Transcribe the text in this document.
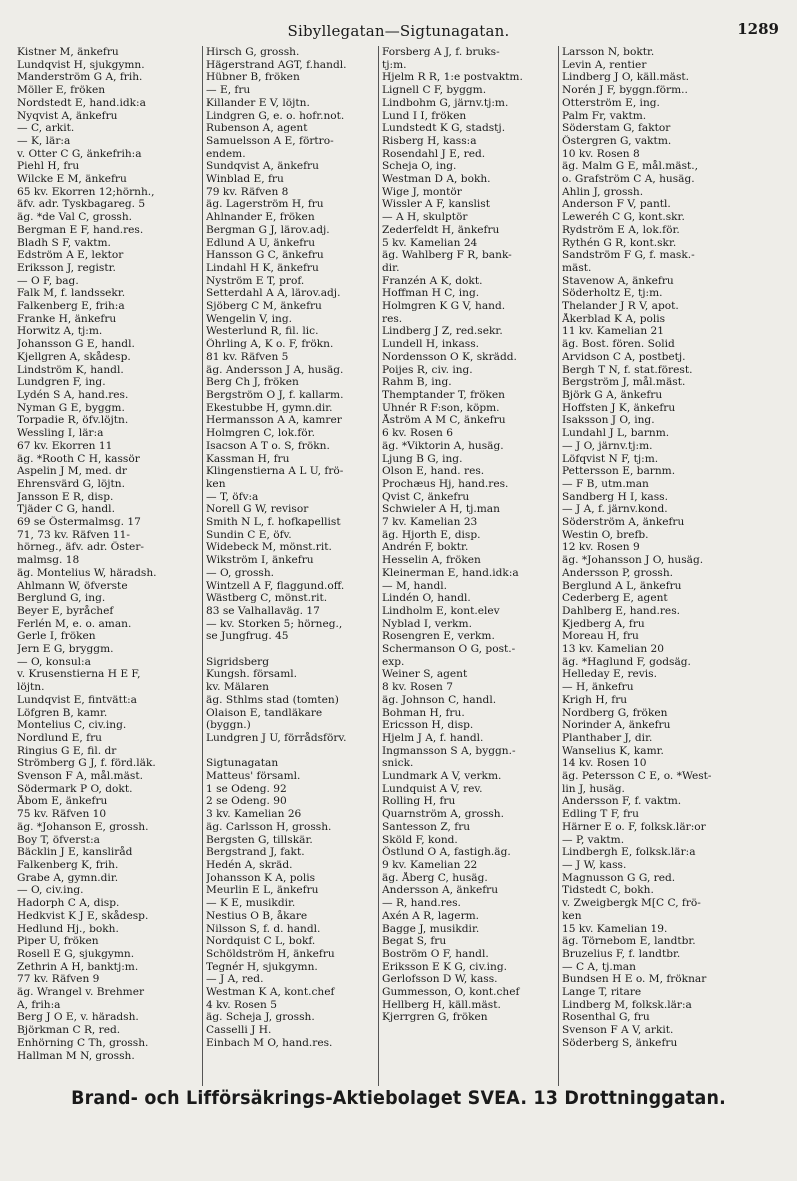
Sibyllegatan—Sigtunagatan.	1289
Kistner M, änkefru
Lundqvist H, sjukgymn.
Manderström G A, frih.
Möller E, fröken
Nordstedt E, hand.idk:a
Nyqvist A, änkefru
— C, arkit.
— K, lär:a
v. Otter C G, änkefrih:a
Piehl H, fru
Wilcke E M, änkefru
65 kv. Ekorren 12;hörnh.,
äfv. adr. Tyskbagareg. 5
äg. *de Val C, grossh.
Bergman E F, hand.res.
Bladh S F, vaktm.
Edström A E, lektor
Eriksson J, registr.
— O F, bag.
Falk M, f. landssekr.
Falkenberg E, frih:a
Franke H, änkefru
Horwitz A, tj:m.
Johansson G E, handl.
Kjellgren A, skådesp.
Lindström K, handl.
Lundgren F, ing.
Lydén S A, hand.res.
Nyman G E, byggm.
Torpadie R, öfv.löjtn.
Wessling I, lär:a
67 kv. Ekorren 11
äg. *Rooth C H, kassör
Aspelin J M, med. dr
Ehrensvärd G, löjtn.
Jansson E R, disp.
Tjäder C G, handl.
69 se Östermalmsg. 17
71, 73 kv. Räfven 11-
hörneg., äfv. adr. Öster-
malmsg. 18
äg. Montelius W, häradsh.
Ahlmann W, öfverste
Berglund G, ing.
Beyer E, byråchef
Ferlén M, e. o. aman.
Gerle I, fröken
Jern E G, bryggm.
— O, konsul:a
v. Krusenstierna H E F,
löjtn.
Lundqvist E, fintvätt:a
Löfgren B, kamr.
Montelius C, civ.ing.
Nordlund E, fru
Ringius G E, fil. dr
Strömberg G J, f. förd.läk.
Svenson F A, mål.mäst.
Södermark P O, dokt.
Åbom E, änkefru
75 kv. Räfven 10
äg. *Johanson E, grossh.
Boy T, öfverst:a
Bäcklin J E, kansliråd
Falkenberg K, frih.
Grabe A, gymn.dir.
— O, civ.ing.
Hadorph C A, disp.
Hedkvist K J E, skådesp.
Hedlund Hj., bokh.
Piper U, fröken
Rosell E G, sjukgymn.
Zethrin A H, banktj:m.
77 kv. Räfven 9
äg. Wrangel v. Brehmer
A, frih:a
Berg J O E, v. häradsh.
Björkman C R, red.
Enhörning C Th, grossh.
Hallman M N, grossh.
Hirsch G, grossh.
Hägerstrand AGT, f.handl.
Hübner B, fröken
— E, fru
Killander E V, löjtn.
Lindgren G, e. o. hofr.not.
Rubenson A, agent
Samuelsson A E, förtro-
endem.
Sundqvist A, änkefru
Winblad E, fru
79 kv. Räfven 8
äg. Lagerström H, fru
Ahlnander E, fröken
Bergman G J, lärov.adj.
Edlund A U, änkefru
Hansson G C, änkefru
Lindahl H K, änkefru
Nyström E T, prof.
Setterdahl A A, lärov.adj.
Sjöberg C M, änkefru
Wengelin V, ing.
Westerlund R, fil. lic.
Öhrling A, K o. F, frökn.
81 kv. Räfven 5
äg. Andersson J A, husäg.
Berg Ch J, fröken
Bergström O J, f. kallarm.
Ekestubbe H, gymn.dir.
Hermansson A A, kamrer
Holmgren C, lok.för.
Isacson A T o. S, frökn.
Kassman H, fru
Klingenstierna A L U, frö-
ken
— T, öfv:a
Norell G W, revisor
Smith N L, f. hofkapellist
Sundin C E, öfv.
Widebeck M, mönst.rit.
Wikström I, änkefru
— O, grossh.
Wintzell A F, flaggund.off.
Wästberg C, mönst.rit.
83 se Valhallaväg. 17
— kv. Storken 5; hörneg.,
se Jungfrug. 45

Sigridsberg
Kungsh. församl.
kv. Mälaren
äg. Sthlms stad (tomten)
Olaison E, tandläkare
(byggn.)
Lundgren J U, förrådsförv.

Sigtunagatan
Matteus' församl.
1 se Odeng. 92
2 se Odeng. 90
3 kv. Kamelian 26
äg. Carlsson H, grossh.
Bergsten G, tillskär.
Bergstrand J, fakt.
Hedén A, skräd.
Johansson K A, polis
Meurlin E L, änkefru
— K E, musikdir.
Nestius O B, åkare
Nilsson S, f. d. handl.
Nordquist C L, bokf.
Schöldström H, änkefru
Tegnér H, sjukgymn.
— J A, red.
Westman K A, kont.chef
4 kv. Rosen 5
äg. Scheja J, grossh.
Casselli J H.
Einbach M O, hand.res.
Forsberg A J, f. bruks-
tj:m.
Hjelm R R, 1:e postvaktm.
Lignell C F, byggm.
Lindbohm G, järnv.tj:m.
Lund I I, fröken
Lundstedt K G, stadstj.
Risberg H, kass:a
Rosendahl J E, red.
Scheja O, ing.
Westman D A, bokh.
Wige J, montör
Wissler A F, kanslist
— A H, skulptör
Zederfeldt H, änkefru
5 kv. Kamelian 24
äg. Wahlberg F R, bank-
dir.
Franzén A K, dokt.
Hoffman H C, ing.
Holmgren K G V, hand.
res.
Lindberg J Z, red.sekr.
Lundell H, inkass.
Nordensson O K, skrädd.
Poijes R, civ. ing.
Rahm B, ing.
Themptander T, fröken
Uhnér R F:son, köpm.
Åström A M C, änkefru
6 kv. Rosen 6
äg. *Viktorin A, husäg.
Ljung B G, ing.
Olson E, hand. res.
Prochæus Hj, hand.res.
Qvist C, änkefru
Schwieler A H, tj.man
7 kv. Kamelian 23
äg. Hjorth E, disp.
Andrén F, boktr.
Hesselin A, fröken
Kleinerman E, hand.idk:a
— M, handl.
Lindén O, handl.
Lindholm E, kont.elev
Nyblad I, verkm.
Rosengren E, verkm.
Schermanson O G, post.-
exp.
Weiner S, agent
8 kv. Rosen 7
äg. Johnson C, handl.
Bohman H, fru.
Ericsson H, disp.
Hjelm J A, f. handl.
Ingmansson S A, byggn.-
snick.
Lundmark A V, verkm.
Lundquist A V, rev.
Rolling H, fru
Quarnström A, grossh.
Santesson Z, fru
Sköld F, kond.
Östlund O A, fastigh.äg.
9 kv. Kamelian 22
äg. Åberg C, husäg.
Andersson A, änkefru
— R, hand.res.
Axén A R, lagerm.
Bagge J, musikdir.
Begat S, fru
Boström O F, handl.
Eriksson E K G, civ.ing.
Gerlofsson D W, kass.
Gummesson, O, kont.chef
Hellberg H, käll.mäst.
Kjerrgren G, fröken
Larsson N, boktr.
Levin A, rentier
Lindberg J O, käll.mäst.
Norén J F, byggn.förm..
Otterström E, ing.
Palm Fr, vaktm.
Söderstam G, faktor
Östergren G, vaktm.
10 kv. Rosen 8
äg. Malm G E, mål.mäst.,
o. Grafström C A, husäg.
Ahlin J, grossh.
Anderson F V, pantl.
Leweréh C G, kont.skr.
Rydström E A, lok.för.
Rythén G R, kont.skr.
Sandström F G, f. mask.-
mäst.
Stavenow A, änkefru
Söderholtz E, tj:m.
Thelander J R V, apot.
Åkerblad K A, polis
11 kv. Kamelian 21
äg. Bost. fören. Solid
Arvidson C A, postbetj.
Bergh T N, f. stat.förest.
Bergström J, mål.mäst.
Björk G A, änkefru
Hoffsten J K, änkefru
Isaksson J O, ing.
Lundahl J L, barnm.
— J O, järnv.tj:m.
Löfqvist N F, tj:m.
Pettersson E, barnm.
— F B, utm.man
Sandberg H I, kass.
— J A, f. järnv.kond.
Söderström A, änkefru
Westin O, brefb.
12 kv. Rosen 9
äg. *Johansson J O, husäg.
Andersson P, grossh.
Berglund A L, änkefru
Cederberg E, agent
Dahlberg E, hand.res.
Kjedberg A, fru
Moreau H, fru
13 kv. Kamelian 20
äg. *Haglund F, godsäg.
Helleday E, revis.
— H, änkefru
Krigh H, fru
Nordberg G, fröken
Norinder A, änkefru
Planthaber J, dir.
Wanselius K, kamr.
14 kv. Rosen 10
äg. Petersson C E, o. *West-
lin J, husäg.
Andersson F, f. vaktm.
Edling T F, fru
Härner E o. F, folksk.lär:or
— P, vaktm.
Lindbergh E, folksk.lär:a
— J W, kass.
Magnusson G G, red.
Tidstedt C, bokh.
v. Zweigbergk M[C C, frö-
ken
15 kv. Kamelian 19.
äg. Törnebom E, landtbr.
Bruzelius F, f. landtbr.
— C A, tj.man
Bundsen H E o. M, fröknar
Lange T, ritare
Lindberg M, folksk.lär:a
Rosenthal G, fru
Svenson F A V, arkit.
Söderberg S, änkefru
Brand- och Lifförsäkrings-Aktiebolaget SVEA. 13 Drottninggatan.
